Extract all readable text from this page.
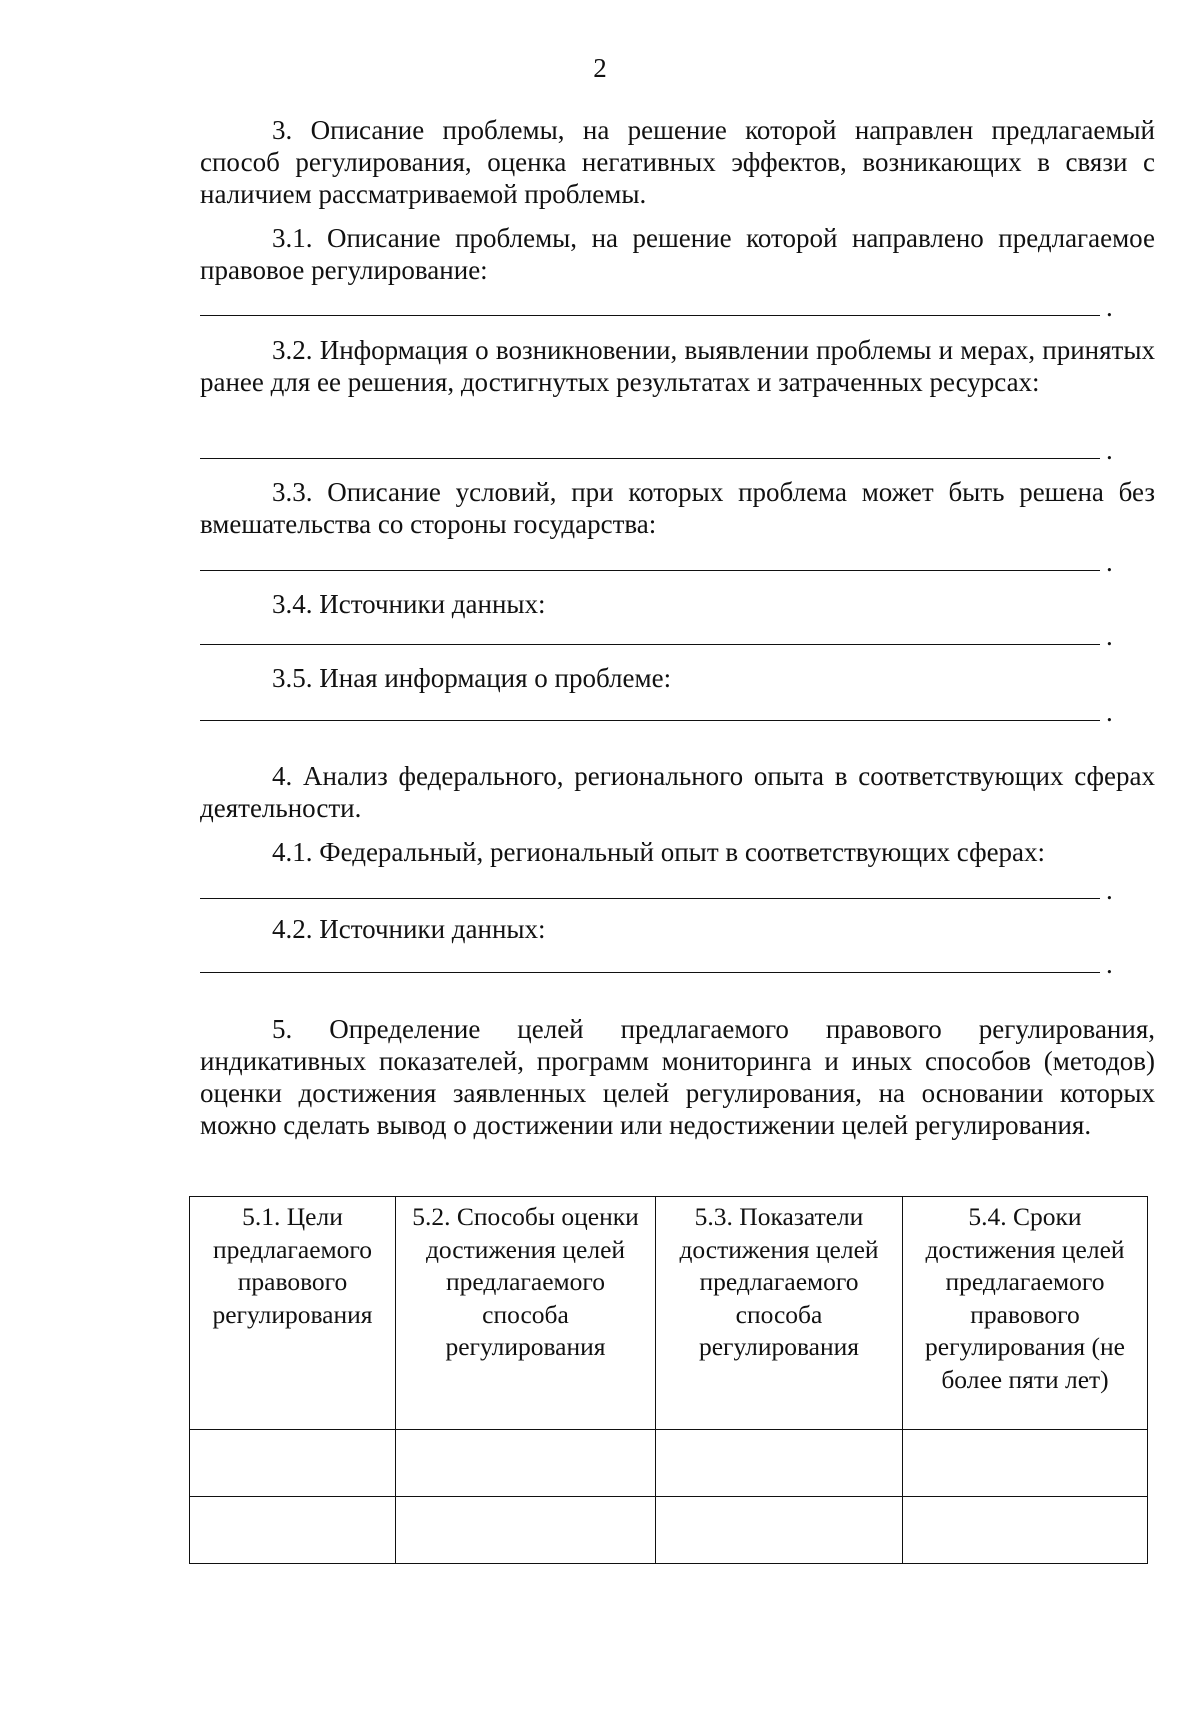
2
3. Описание проблемы, на решение которой направлен предлагаемый способ регулирования, оценка негативных эффектов, возникающих в связи с наличием рассматриваемой проблемы.
3.1. Описание проблемы, на решение которой направлено предлагаемое правовое регулирование:
.
3.2. Информация о возникновении, выявлении проблемы и мерах, принятых ранее для ее решения, достигнутых результатах и затраченных ресурсах:
.
3.3. Описание условий, при которых проблема может быть решена без вмешательства со стороны государства:
.
3.4. Источники данных:
.
3.5. Иная информация о проблеме:
.
4. Анализ федерального, регионального опыта в соответствующих сферах деятельности.
4.1. Федеральный, региональный опыт в соответствующих сферах:
.
4.2. Источники данных:
.
5. Определение целей предлагаемого правового регулирования, индикативных показателей, программ мониторинга и иных способов (методов) оценки достижения заявленных целей регулирования, на основании которых можно сделать вывод о достижении или недостижении целей регулирования.
5.1. Цели предлагаемого правового регулирования	5.2. Способы оценки достижения целей предлагаемого способа регулирования	5.3. Показатели достижения целей предлагаемого способа регулирования	5.4. Сроки достижения целей предлагаемого правового регулирования (не более пяти лет)
